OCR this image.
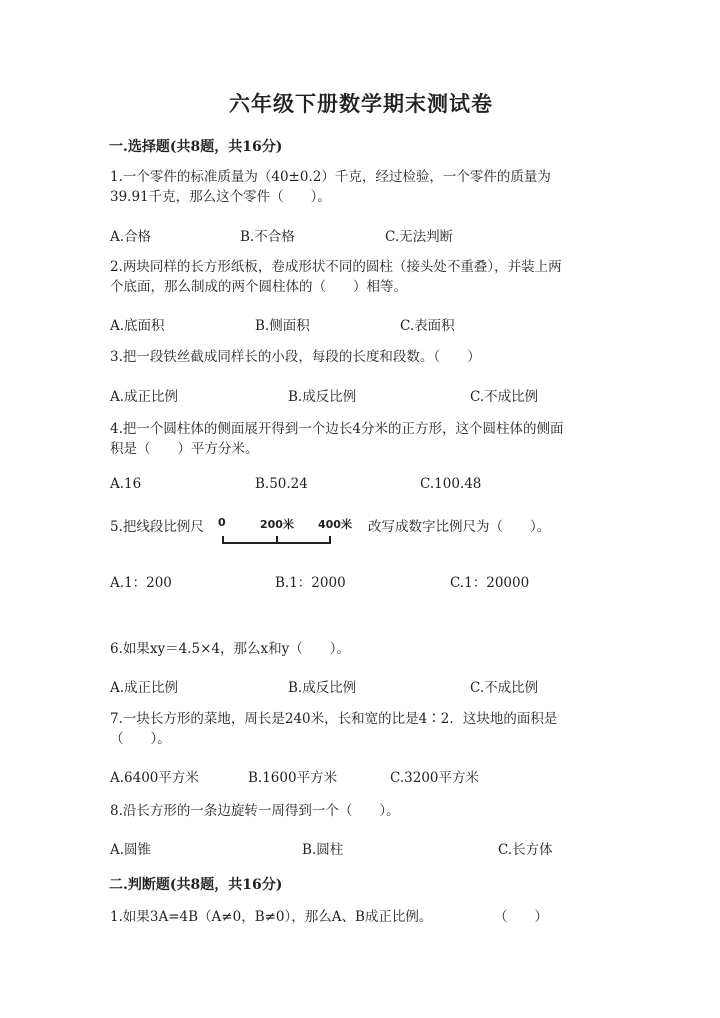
六年级下册数学期末测试卷
一.选择题(共8题，共16分)
1.一个零件的标准质量为（40±0.2）千克，经过检验，一个零件的质量为
39.91千克，那么这个零件（　　）。
A.合格	B.不合格	C.无法判断
2.两块同样的长方形纸板，卷成形状不同的圆柱（接头处不重叠），并装上两
个底面，那么制成的两个圆柱体的（　　）相等。
A.底面积	B.侧面积	C.表面积
3.把一段铁丝截成同样长的小段，每段的长度和段数。（　　）
A.成正比例	B.成反比例	C.不成比例
4.把一个圆柱体的侧面展开得到一个边长4分米的正方形，这个圆柱体的侧面
积是（　　）平方分米。
A.16	B.50.24	C.100.48
5.把线段比例尺 0	200米 400米 改写成数字比例尺为（　　）。
A.1：200	B.1：2000	C.1：20000
6.如果xy＝4.5×4，那么x和y（　　）。
A.成正比例	B.成反比例	C.不成比例
7.一块长方形的菜地，周长是240米，长和宽的比是4∶2．这块地的面积是
（　　）。
A.6400平方米	B.1600平方米	C.3200平方米
8.沿长方形的一条边旋转一周得到一个（　　）。
A.圆锥	B.圆柱	C.长方体
二.判断题(共8题，共16分)
1.如果3A=4B（A≠0，B≠0），那么A、B成正比例。	（　　）
